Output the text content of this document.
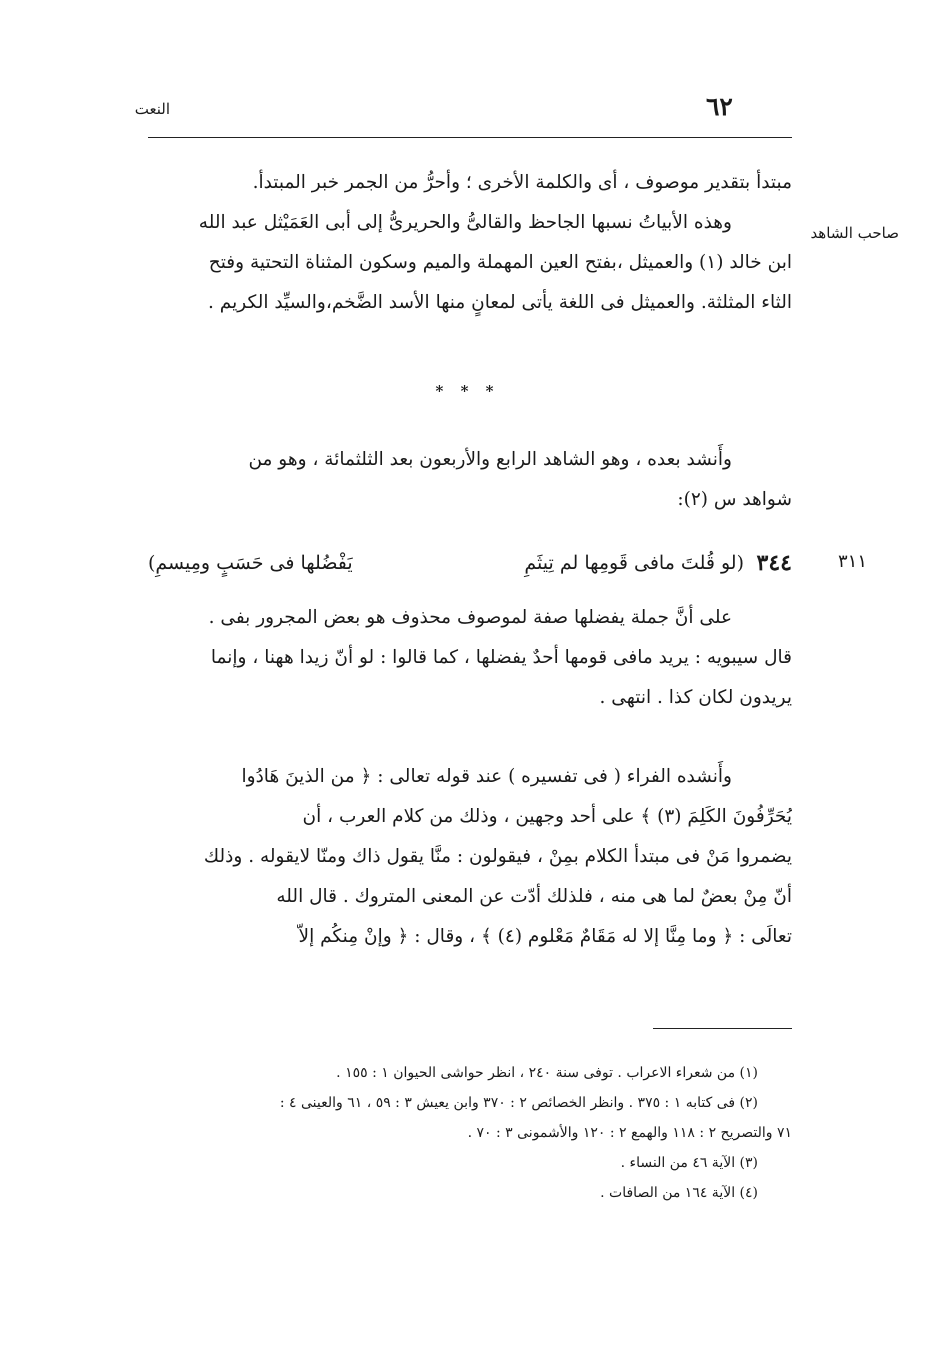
النعت	٦٢
صاحب الشاهد
مبتدأ بتقدير موصوف ، أى والكلمة الأخرى ؛ وأحرُّ من الجمر خبر المبتدأ.
وهذه الأبياتُ نسبها الجاحظ والقالىُّ والحريرىُّ إلى أبى العَمَيْثل عبد الله
ابن خالد (١) والعميثل ،بفتح العين المهملة والميم وسكون المثناة التحتية وفتح
الثاء المثلثة. والعميثل فى اللغة يأتى لمعانٍ منها الأسد الضَّخم،والسيِّد الكريم .
* * *
وأَنشد بعده ، وهو الشاهد الرابع والأربعون بعد الثلثمائة ، وهو من
شواهد س (٢):
٣١١
٣٤٤
(لو قُلتَ مافى قَومِها لم تِيثَمِ
يَفْضُلها فى حَسَبٍ ومِيسمِ)
على أنَّ جملة يفضلها صفة لموصوف محذوف هو بعض المجرور بفى .
قال سيبويه : يريد مافى قومها أحدٌ يفضلها ، كما قالوا : لو أنّ زيدا ههنا ، وإنما
يريدون لكان كذا . انتهى .
وأَنشده الفراء ( فى تفسيره ) عند قوله تعالى : ﴿ من الذينَ هَادُوا
يُحَرِّفُونَ الكَلِمَ (٣) ﴾ على أحد وجهين ، وذلك من كلام العرب ، أن
يضمروا مَنْ فى مبتدأ الكلام بمِنْ ، فيقولون : منَّا يقول ذاك ومنّا لايقوله . وذلك
أنّ مِنْ بعضٌ لما هى منه ، فلذلك أدّت عن المعنى المتروك . قال الله
تعالَى : ﴿ وما مِنَّا إلا له مَقَامٌ مَعْلوم (٤) ﴾ ، وقال : ﴿ وإنْ مِنكُم إلاّ
(١) من شعراء الاعراب . توفى سنة ٢٤٠ ، انظر حواشى الحيوان ١ : ١٥٥ .
(٢) فى كتابه ١ : ٣٧٥ . وانظر الخصائص ٢ : ٣٧٠ وابن يعيش ٣ : ٥٩ ، ٦١ والعينى ٤ :
٧١ والتصريح ٢ : ١١٨ والهمع ٢ : ١٢٠ والأشمونى ٣ : ٧٠ .
(٣) الآية ٤٦ من النساء .
(٤) الآية ١٦٤ من الصافات .
